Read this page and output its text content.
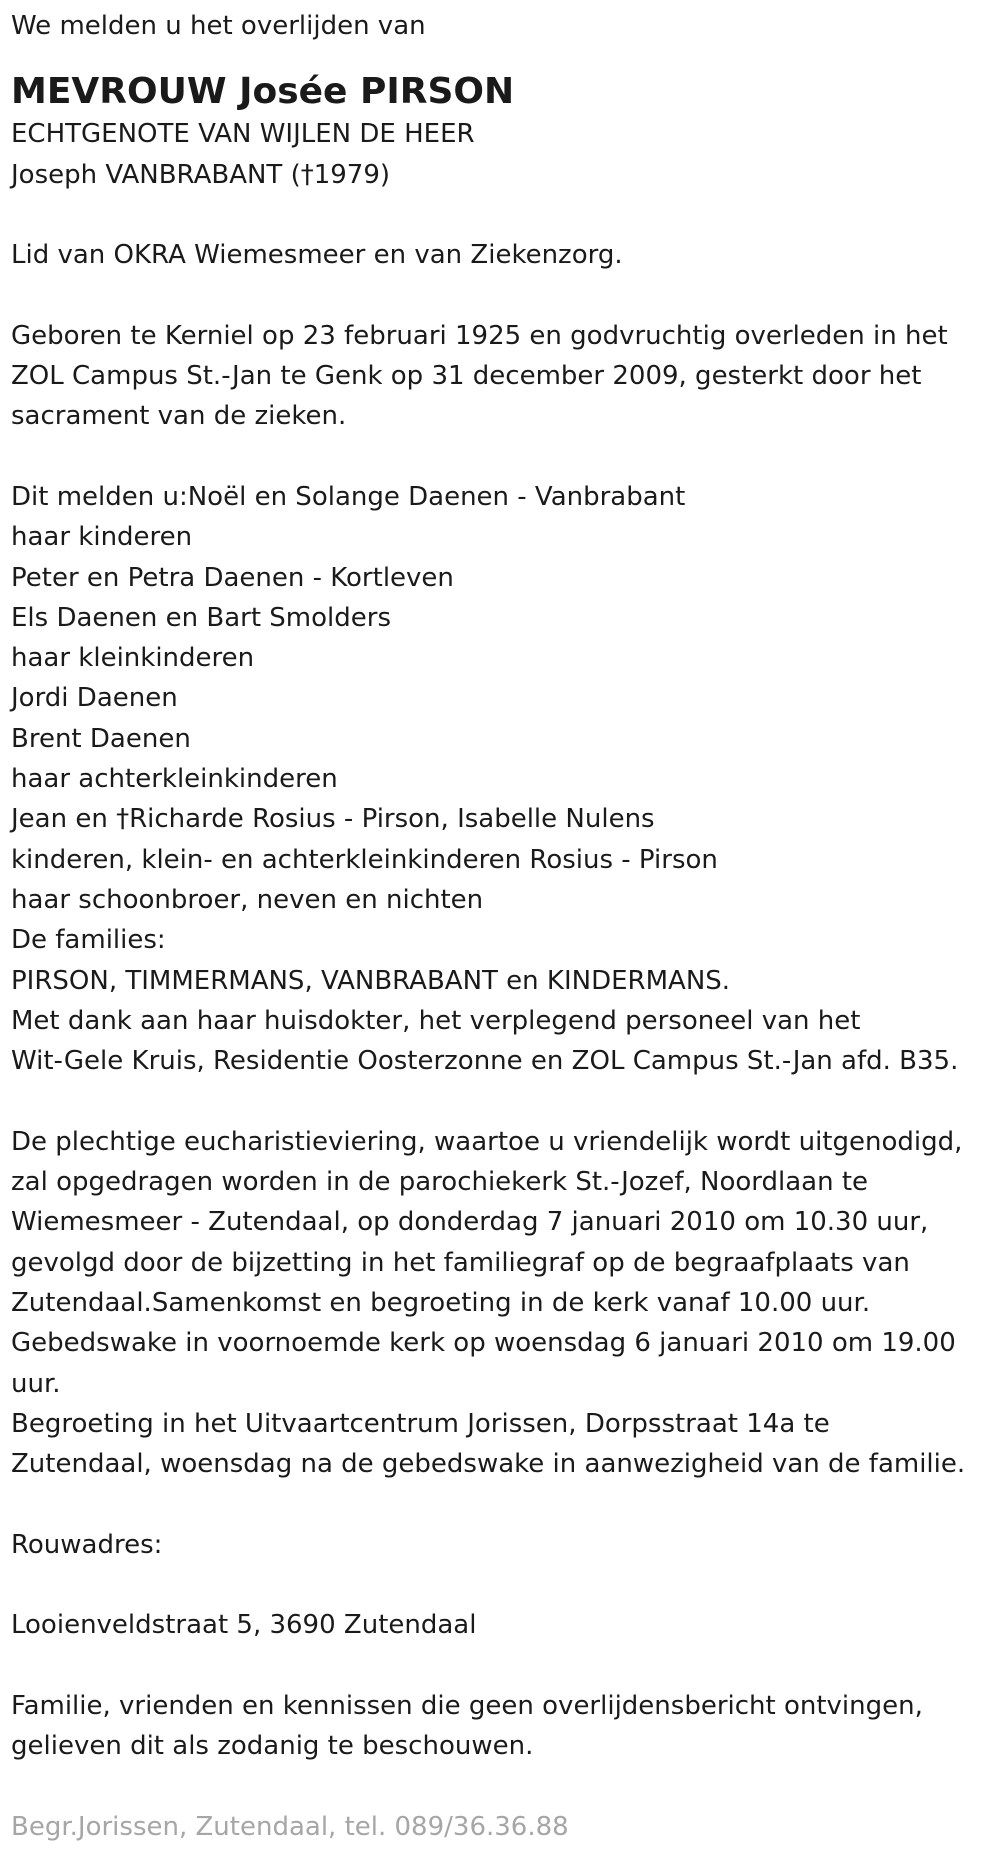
We melden u het overlijden van
MEVROUW Josée PIRSON
ECHTGENOTE VAN WIJLEN DE HEER
Joseph VANBRABANT (†1979)
Lid van OKRA Wiemesmeer en van Ziekenzorg.
Geboren te Kerniel op 23 februari 1925 en godvruchtig overleden in het
ZOL Campus St.-Jan te Genk op 31 december 2009, gesterkt door het
sacrament van de zieken.
Dit melden u:Noël en Solange Daenen - Vanbrabant
haar kinderen
Peter en Petra Daenen - Kortleven
Els Daenen en Bart Smolders
haar kleinkinderen
Jordi Daenen
Brent Daenen
haar achterkleinkinderen
Jean en †Richarde Rosius - Pirson, Isabelle Nulens
kinderen, klein- en achterkleinkinderen Rosius - Pirson
haar schoonbroer, neven en nichten
De families:
PIRSON, TIMMERMANS, VANBRABANT en KINDERMANS.
Met dank aan haar huisdokter, het verplegend personeel van het
Wit-Gele Kruis, Residentie Oosterzonne en ZOL Campus St.-Jan afd. B35.
De plechtige eucharistieviering, waartoe u vriendelijk wordt uitgenodigd,
zal opgedragen worden in de parochiekerk St.-Jozef, Noordlaan te
Wiemesmeer - Zutendaal, op donderdag 7 januari 2010 om 10.30 uur,
gevolgd door de bijzetting in het familiegraf op de begraafplaats van
Zutendaal.Samenkomst en begroeting in de kerk vanaf 10.00 uur.
Gebedswake in voornoemde kerk op woensdag 6 januari 2010 om 19.00
uur.
Begroeting in het Uitvaartcentrum Jorissen, Dorpsstraat 14a te
Zutendaal, woensdag na de gebedswake in aanwezigheid van de familie.
Rouwadres:
Looienveldstraat 5, 3690 Zutendaal
Familie, vrienden en kennissen die geen overlijdensbericht ontvingen,
gelieven dit als zodanig te beschouwen.
Begr.Jorissen, Zutendaal, tel. 089/36.36.88
